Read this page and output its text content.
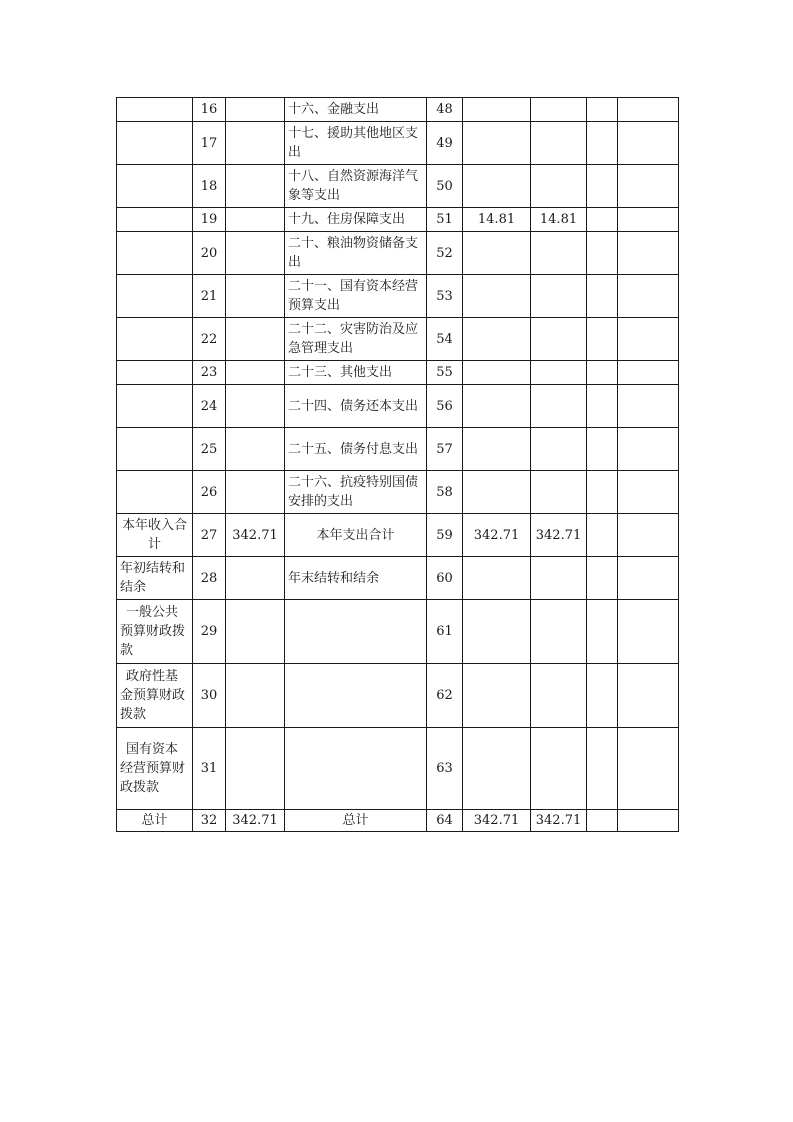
	16		十六、金融支出	48				
	17		十七、援助其他地区支出	49				
	18		十八、自然资源海洋气象等支出	50				
	19		十九、住房保障支出	51	14.81	14.81		
	20		二十、粮油物资储备支出	52				
	21		二十一、国有资本经营预算支出	53				
	22		二十二、灾害防治及应急管理支出	54				
	23		二十三、其他支出	55				
	24		二十四、债务还本支出	56				
	25		二十五、债务付息支出	57				
	26		二十六、抗疫特别国债安排的支出	58				
本年收入合计	27	342.71	本年支出合计	59	342.71	342.71		
年初结转和结余	28		年末结转和结余	60				
一般公共预算财政拨款	29			61				
政府性基金预算财政拨款	30			62				
国有资本经营预算财政拨款	31			63				
总计	32	342.71	总计	64	342.71	342.71		
